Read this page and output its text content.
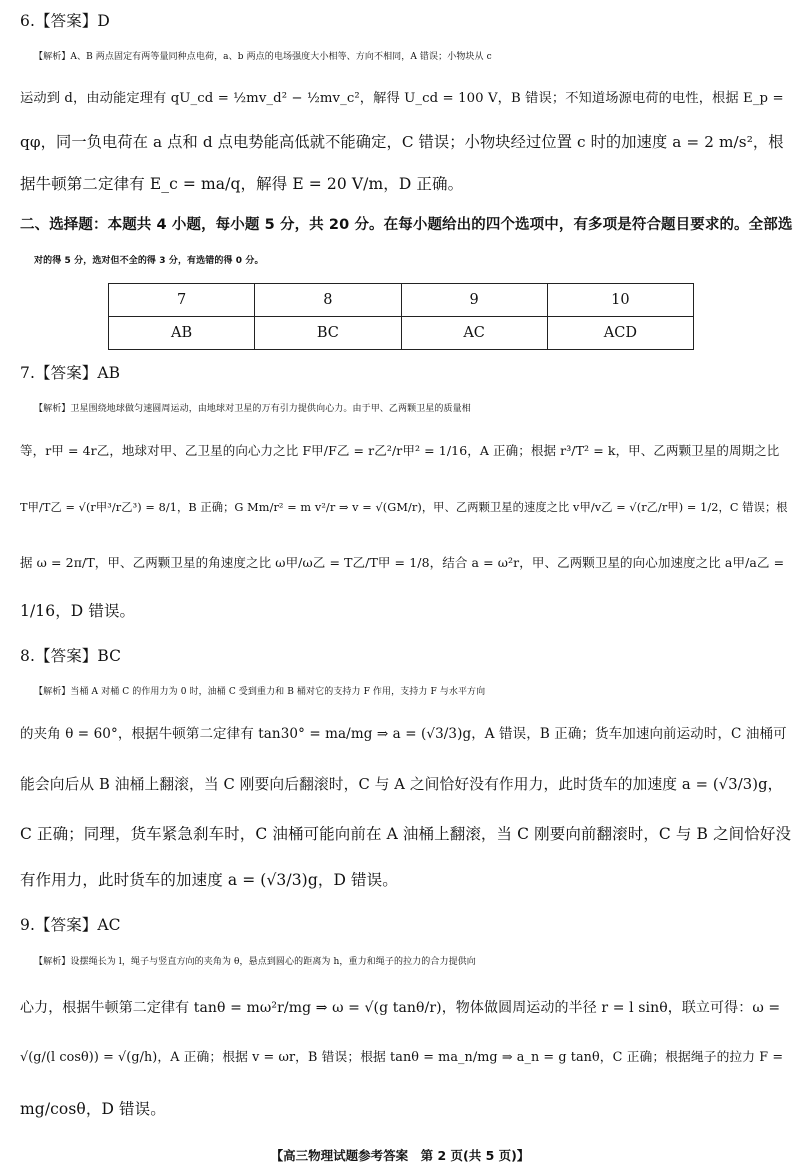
6.【答案】D
【解析】A、B 两点固定有两等量同种点电荷，a、b 两点的电场强度大小相等、方向不相同，A 错误；小物块从 c
运动到 d，由动能定理有 qU_cd = ½mv_d² − ½mv_c²，解得 U_cd = 100 V，B 错误；不知道场源电荷的电性，根据 E_p =
qφ，同一负电荷在 a 点和 d 点电势能高低就不能确定，C 错误；小物块经过位置 c 时的加速度 a = 2 m/s²，根
据牛顿第二定律有 E_c = ma/q，解得 E = 20 V/m，D 正确。
二、选择题：本题共 4 小题，每小题 5 分，共 20 分。在每小题给出的四个选项中，有多项是符合题目要求的。全部选
对的得 5 分，选对但不全的得 3 分，有选错的得 0 分。
7	8	9	10
AB	BC	AC	ACD
7.【答案】AB
【解析】卫星围绕地球做匀速圆周运动，由地球对卫星的万有引力提供向心力。由于甲、乙两颗卫星的质量相
等，r甲 = 4r乙，地球对甲、乙卫星的向心力之比 F甲/F乙 = r乙²/r甲² = 1/16，A 正确；根据 r³/T² = k，甲、乙两颗卫星的周期之比
T甲/T乙 = √(r甲³/r乙³) = 8/1，B 正确；G Mm/r² = m v²/r ⇒ v = √(GM/r)，甲、乙两颗卫星的速度之比 v甲/v乙 = √(r乙/r甲) = 1/2，C 错误；根
据 ω = 2π/T，甲、乙两颗卫星的角速度之比 ω甲/ω乙 = T乙/T甲 = 1/8，结合 a = ω²r，甲、乙两颗卫星的向心加速度之比 a甲/a乙 =
1/16，D 错误。
8.【答案】BC
【解析】当桶 A 对桶 C 的作用力为 0 时，油桶 C 受到重力和 B 桶对它的支持力 F 作用，支持力 F 与水平方向
的夹角 θ = 60°，根据牛顿第二定律有 tan30° = ma/mg ⇒ a = (√3/3)g，A 错误，B 正确；货车加速向前运动时，C 油桶可
能会向后从 B 油桶上翻滚，当 C 刚要向后翻滚时，C 与 A 之间恰好没有作用力，此时货车的加速度 a = (√3/3)g，
C 正确；同理，货车紧急刹车时，C 油桶可能向前在 A 油桶上翻滚，当 C 刚要向前翻滚时，C 与 B 之间恰好没
有作用力，此时货车的加速度 a = (√3/3)g，D 错误。
9.【答案】AC
【解析】设摆绳长为 l，绳子与竖直方向的夹角为 θ，悬点到圆心的距离为 h，重力和绳子的拉力的合力提供向
心力，根据牛顿第二定律有 tanθ = mω²r/mg ⇒ ω = √(g tanθ/r)，物体做圆周运动的半径 r = l sinθ，联立可得：ω =
√(g/(l cosθ)) = √(g/h)，A 正确；根据 v = ωr，B 错误；根据 tanθ = ma_n/mg ⇒ a_n = g tanθ，C 正确；根据绳子的拉力 F =
mg/cosθ，D 错误。
【高三物理试题参考答案　第 2 页(共 5 页)】
